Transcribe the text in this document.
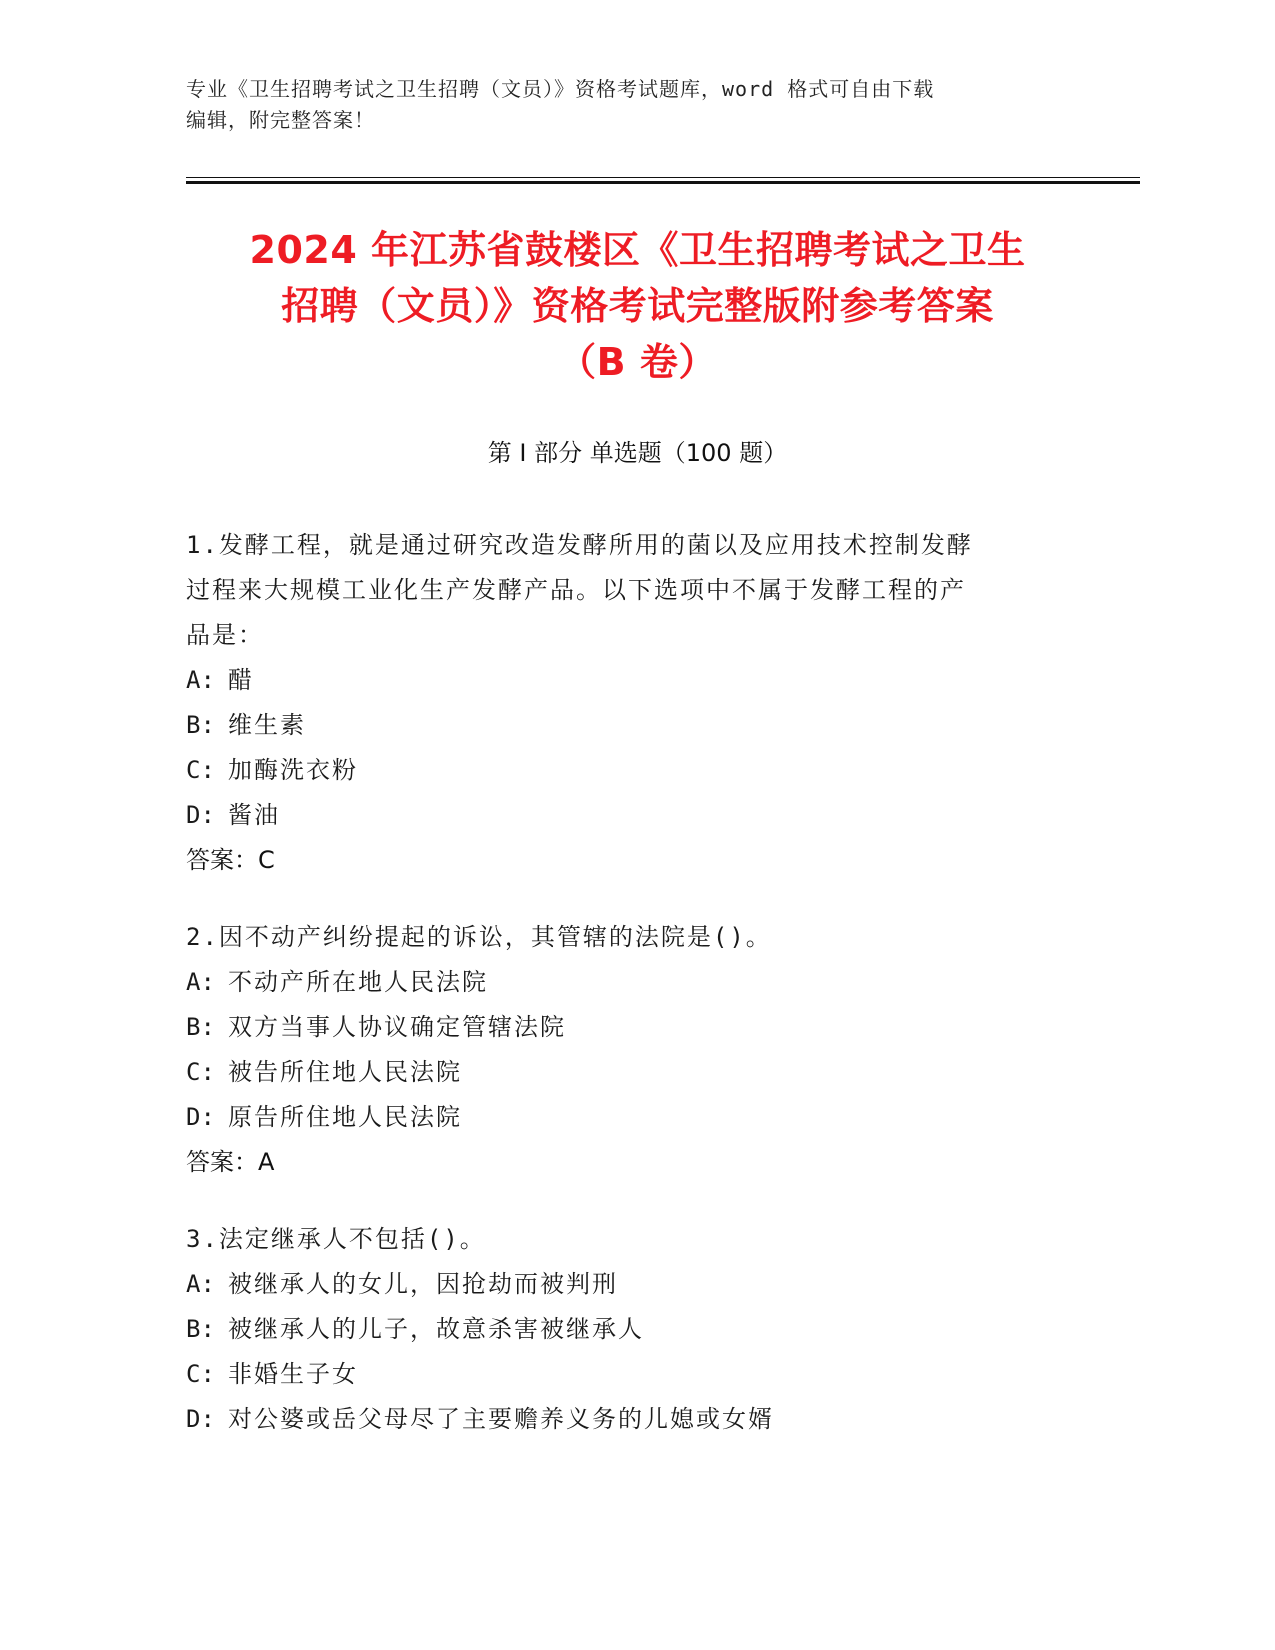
专业《卫生招聘考试之卫生招聘（文员）》资格考试题库，word 格式可自由下载
编辑，附完整答案！
2024 年江苏省鼓楼区《卫生招聘考试之卫生
招聘（文员）》资格考试完整版附参考答案
（B 卷）
第 I 部分 单选题（100 题）
1.发酵工程，就是通过研究改造发酵所用的菌以及应用技术控制发酵
过程来大规模工业化生产发酵产品。以下选项中不属于发酵工程的产
品是：
A: 醋
B: 维生素
C: 加酶洗衣粉
D: 酱油
答案：C
2.因不动产纠纷提起的诉讼，其管辖的法院是()。
A: 不动产所在地人民法院
B: 双方当事人协议确定管辖法院
C: 被告所住地人民法院
D: 原告所住地人民法院
答案：A
3.法定继承人不包括()。
A: 被继承人的女儿，因抢劫而被判刑
B: 被继承人的儿子，故意杀害被继承人
C: 非婚生子女
D: 对公婆或岳父母尽了主要赡养义务的儿媳或女婿
